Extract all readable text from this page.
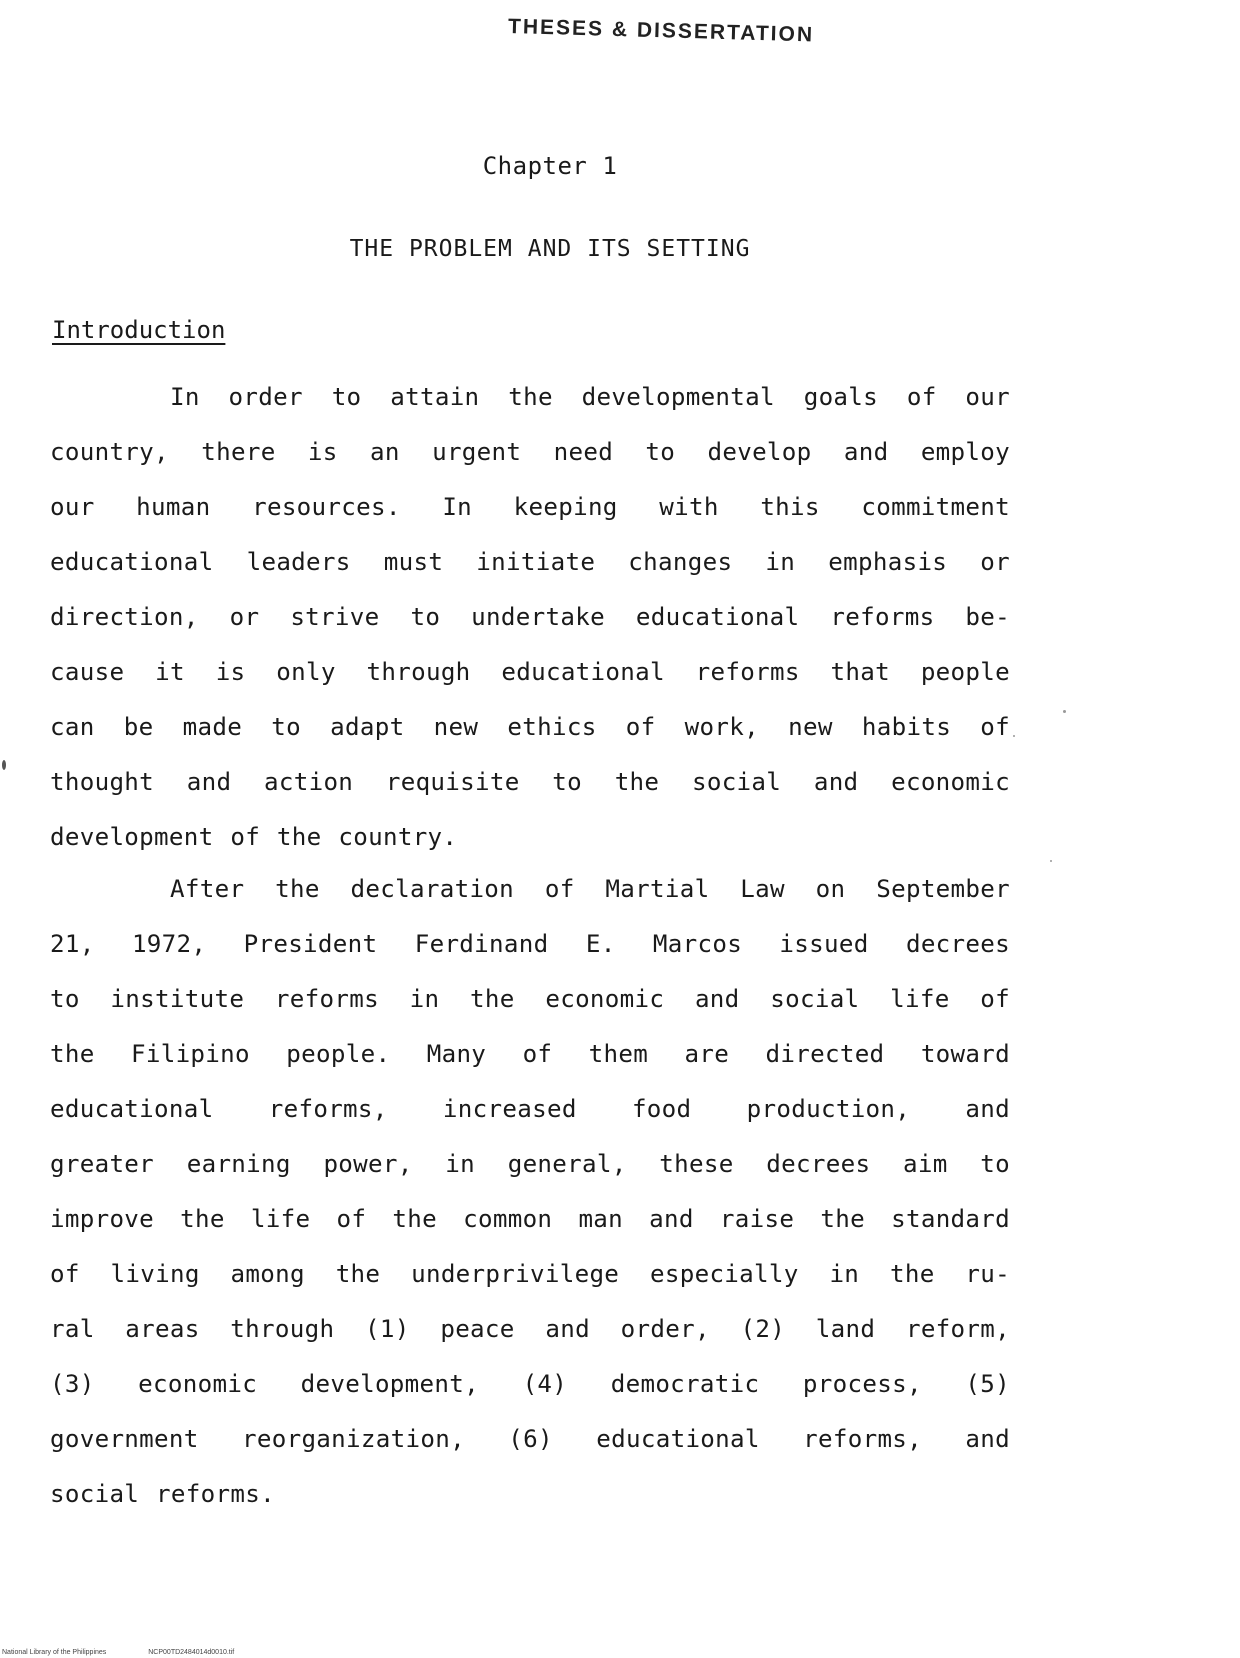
THESES & DISSERTATION
Chapter 1
THE PROBLEM AND ITS SETTING
Introduction
In order to attain the developmental goals of our
country, there is an urgent need to develop and employ
our human resources. In keeping with this commitment
educational leaders must initiate changes in emphasis or
direction, or strive to undertake educational reforms be-
cause it is only through educational reforms that people
can be made to adapt new ethics of work, new habits of
thought and action requisite to the social and economic
development of the country.
After the declaration of Martial Law on September
21, 1972, President Ferdinand E. Marcos issued decrees
to institute reforms in the economic and social life of
the Filipino people. Many of them are directed toward
educational reforms, increased food production, and
greater earning power, in general, these decrees aim to
improve the life of the common man and raise the standard
of living among the underprivilege especially in the ru-
ral areas through (1) peace and order, (2) land reform,
(3) economic development, (4) democratic process, (5)
government reorganization, (6) educational reforms, and
social reforms.
National Library of the Philippines	NCP00TD2484014d0010.tif
